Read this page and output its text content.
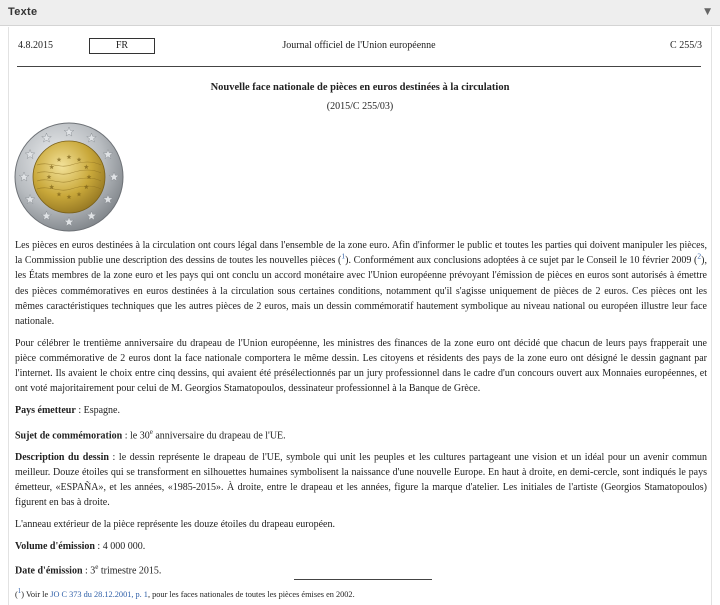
Texte	▼
Journal officiel de l'Union européenne
4.8.2015	FR	C 255/3
Nouvelle face nationale de pièces en euros destinées à la circulation
(2015/C 255/03)

Les pièces en euros destinées à la circulation ont cours légal dans l'ensemble de la zone euro. Afin d'informer le public et toutes les parties qui doivent manipuler les pièces, la Commission publie une description des dessins de toutes les nouvelles pièces ($^1$). Conformément aux conclusions adoptées à ce sujet par le Conseil le 10 février 2009 ($^2$), les États membres de la zone euro et les pays qui ont conclu un accord monétaire avec l'Union européenne prévoyant l'émission de pièces en euros sont autorisés à émettre des pièces commémoratives en euros destinées à la circulation sous certaines conditions, notamment qu'il s'agisse uniquement de pièces de 2 euros. Ces pièces ont les mêmes caractéristiques techniques que les autres pièces de 2 euros, mais un dessin commémoratif hautement symbolique au niveau national ou européen illustre leur face nationale.

Pour célébrer le trentième anniversaire du drapeau de l'Union européenne, les ministres des finances de la zone euro ont décidé que chacun de leurs pays frapperait une pièce commémorative de 2 euros dont la face nationale comportera le même dessin. Les citoyens et résidents des pays de la zone euro ont désigné le dessin gagnant par l'internet. Ils avaient le choix entre cinq dessins, qui avaient été présélectionnés par un jury professionnel dans le cadre d'un concours ouvert aux Monnaies européennes, et ont voté majoritairement pour celui de M. Georgios Stamatopoulos, dessinateur professionnel à la Banque de Grèce.

Pays émetteur : Espagne.

Sujet de commémoration : le 30e anniversaire du drapeau de l'UE.

Description du dessin : le dessin représente le drapeau de l'UE, symbole qui unit les peuples et les cultures partageant une vision et un idéal pour un avenir commun meilleur. Douze étoiles qui se transforment en silhouettes humaines symbolisent la naissance d'une nouvelle Europe. En haut à droite, en demi-cercle, sont indiqués le pays émetteur, «ESPAÑA», et les années, «1985-2015». À droite, entre le drapeau et les années, figure la marque d'atelier. Les initiales de l'artiste (Georgios Stamatopoulos) figurent en bas à droite.

L'anneau extérieur de la pièce représente les douze étoiles du drapeau européen.

Volume d'émission : 4 000 000.

Date d'émission : 3e trimestre 2015.

($^1$) Voir le JO C 373 du 28.12.2001, p. 1, pour les faces nationales de toutes les pièces émises en 2002.
